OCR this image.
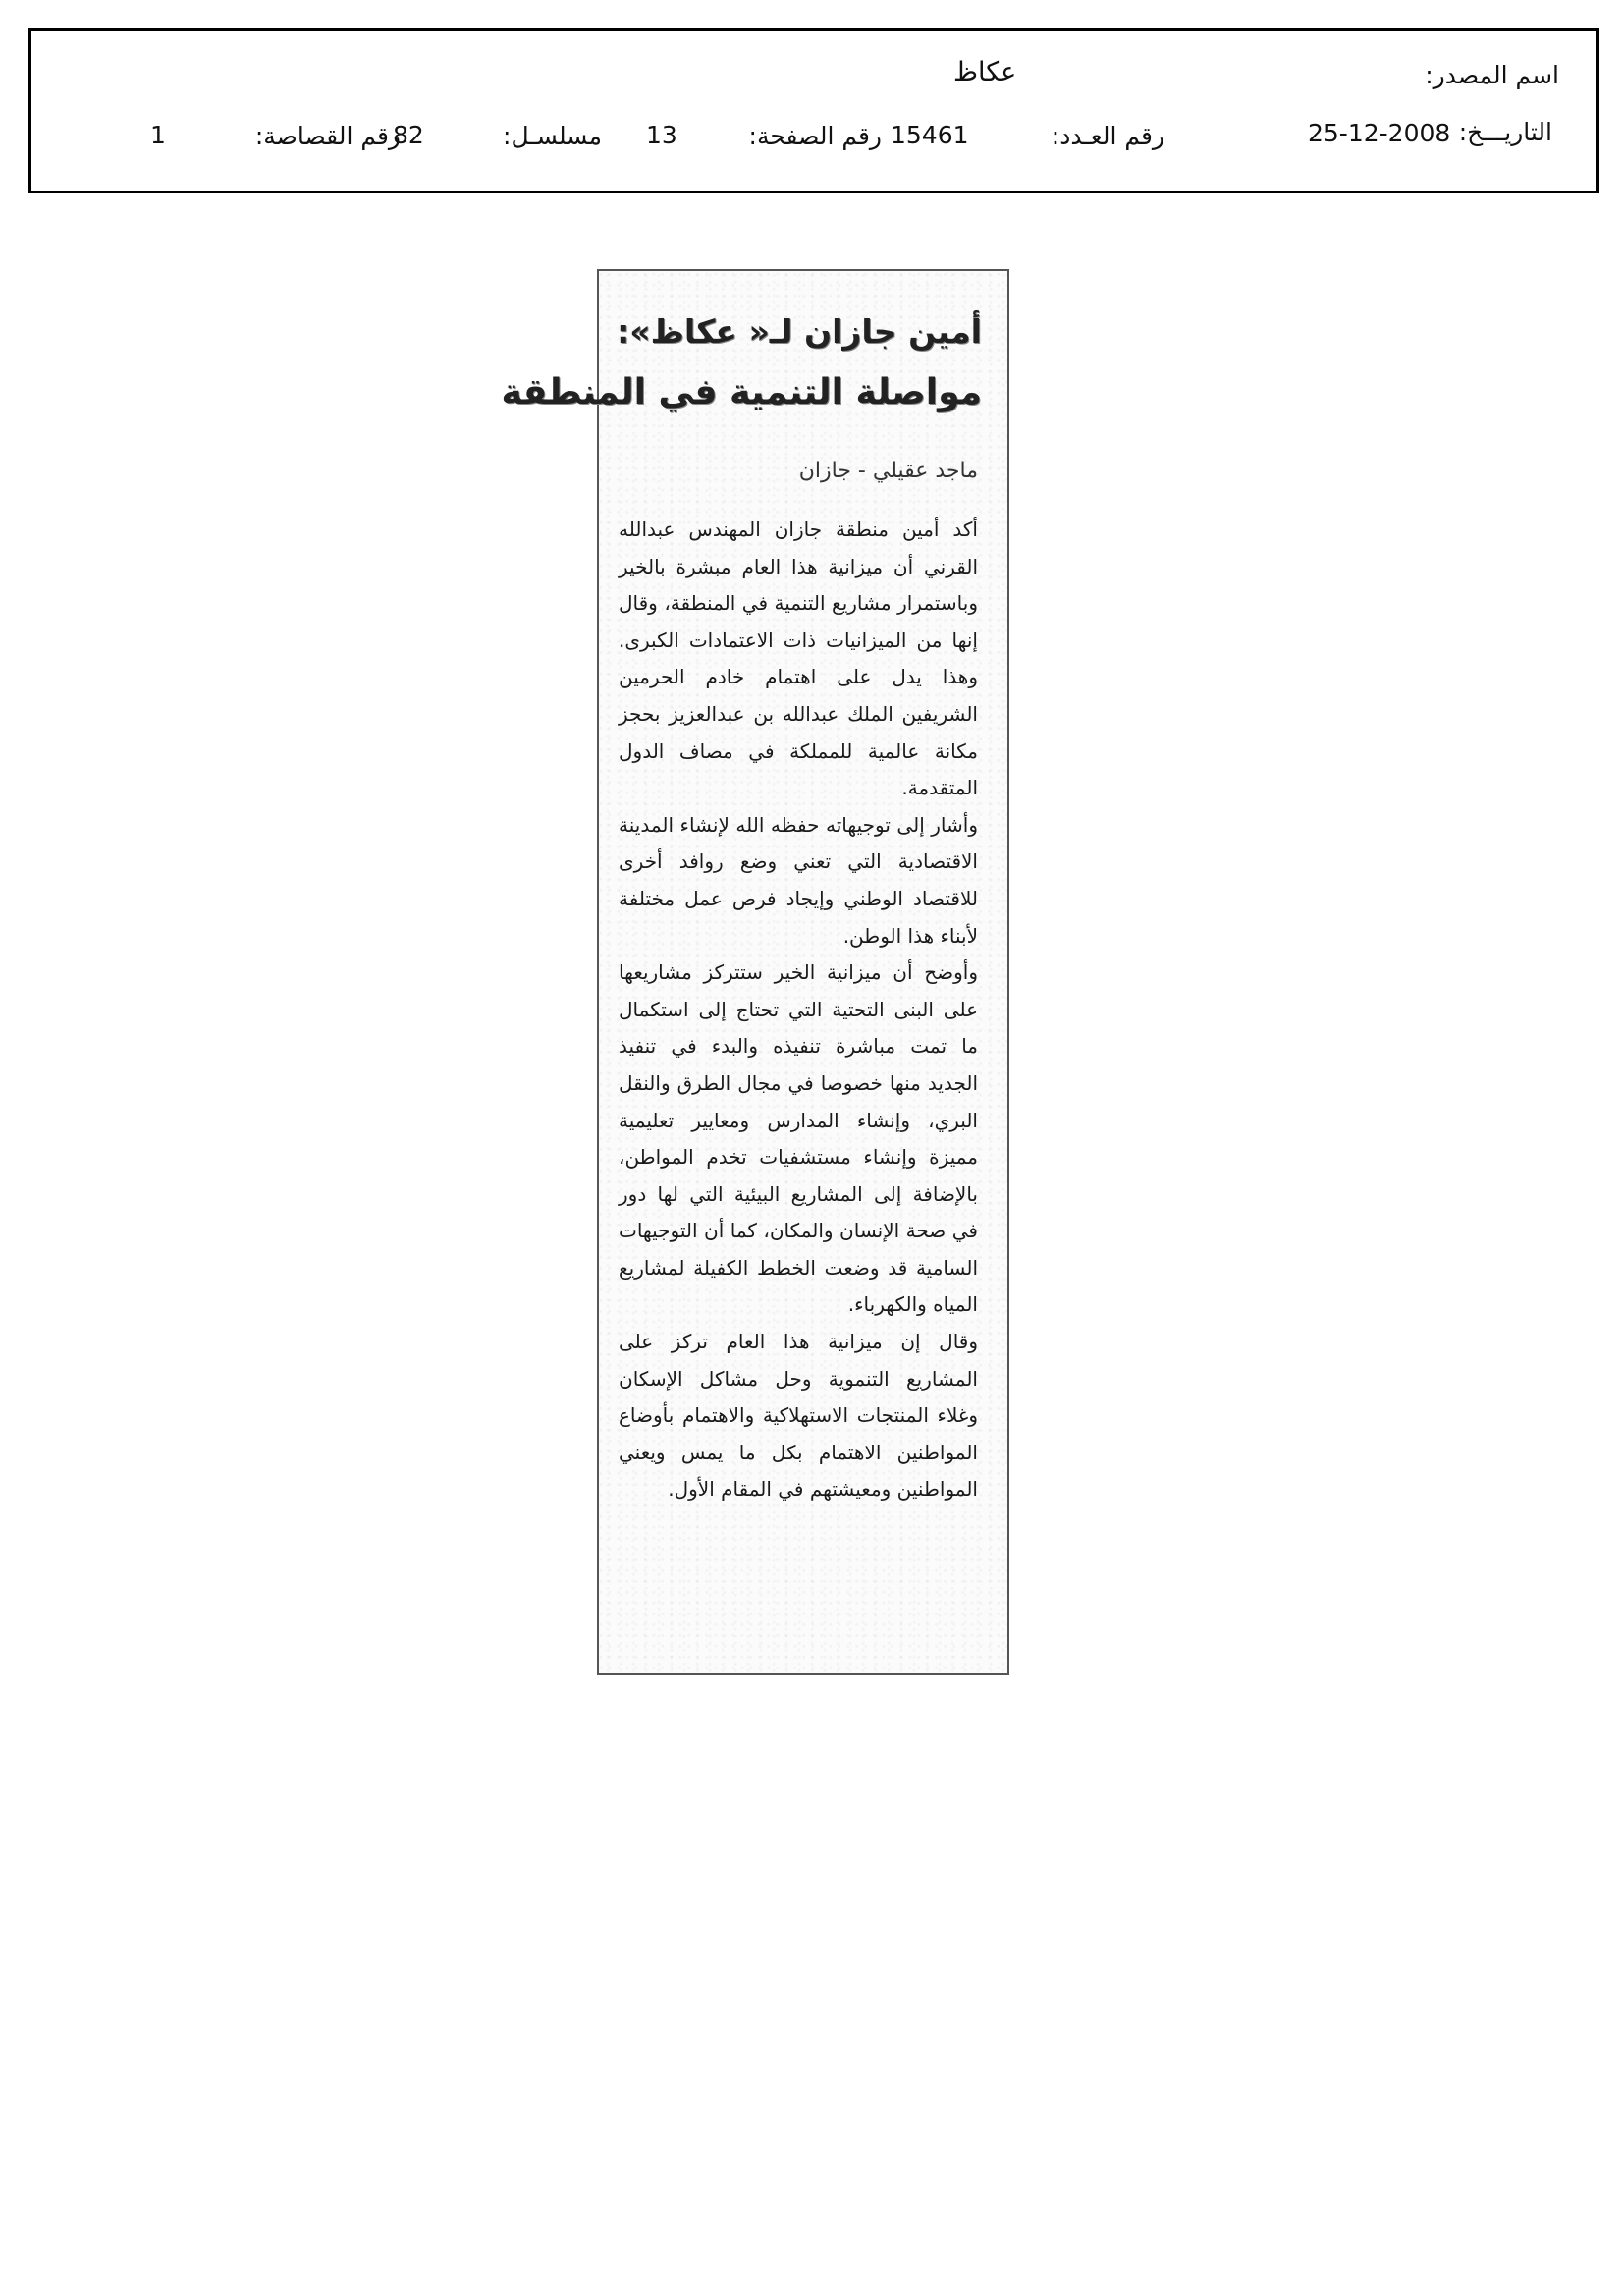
اسم المصدر:
عكاظ
التاريـــخ:
25-12-2008
رقم العـدد:
15461
رقم الصفحة:
13
مسلسـل:
82
رقم القصاصة:
1
أمين جازان لـ« عكاظ»:
مواصلة التنمية في المنطقة
ماجد عقيلي - جازان

أكد أمين منطقة جازان المهندس عبدالله القرني أن ميزانية هذا العام مبشرة بالخير وباستمرار مشاريع التنمية في المنطقة، وقال إنها من الميزانيات ذات الاعتمادات الكبرى. وهذا يدل على اهتمام خادم الحرمين الشريفين الملك عبدالله بن عبدالعزيز بحجز مكانة عالمية للمملكة في مصاف الدول المتقدمة.

وأشار إلى توجيهاته حفظه الله لإنشاء المدينة الاقتصادية التي تعني وضع روافد أخرى للاقتصاد الوطني وإيجاد فرص عمل مختلفة لأبناء هذا الوطن.

وأوضح أن ميزانية الخير ستتركز مشاريعها على البنى التحتية التي تحتاج إلى استكمال ما تمت مباشرة تنفيذه والبدء في تنفيذ الجديد منها خصوصا في مجال الطرق والنقل البري، وإنشاء المدارس ومعايير تعليمية مميزة وإنشاء مستشفيات تخدم المواطن، بالإضافة إلى المشاريع البيئية التي لها دور في صحة الإنسان والمكان، كما أن التوجيهات السامية قد وضعت الخطط الكفيلة لمشاريع المياه والكهرباء.

وقال إن ميزانية هذا العام تركز على المشاريع التنموية وحل مشاكل الإسكان وغلاء المنتجات الاستهلاكية والاهتمام بأوضاع المواطنين الاهتمام بكل ما يمس ويعني المواطنين ومعيشتهم في المقام الأول.
